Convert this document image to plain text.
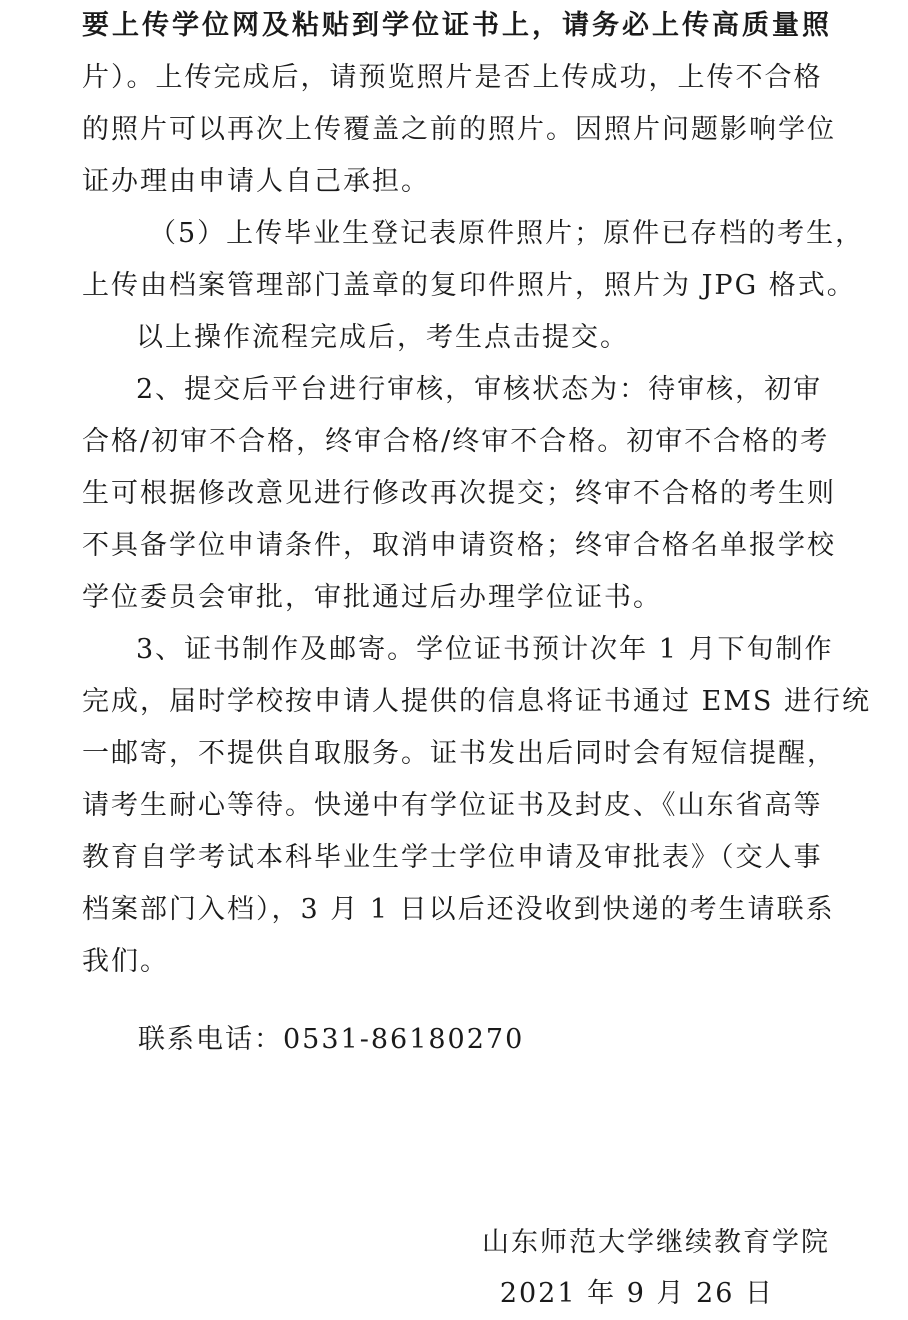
要上传学位网及粘贴到学位证书上，请务必上传高质量照
片）。上传完成后，请预览照片是否上传成功，上传不合格
的照片可以再次上传覆盖之前的照片。因照片问题影响学位
证办理由申请人自己承担。
（5）上传毕业生登记表原件照片；原件已存档的考生，
上传由档案管理部门盖章的复印件照片，照片为 JPG 格式。
以上操作流程完成后，考生点击提交。
2、提交后平台进行审核，审核状态为：待审核，初审
合格/初审不合格，终审合格/终审不合格。初审不合格的考
生可根据修改意见进行修改再次提交；终审不合格的考生则
不具备学位申请条件，取消申请资格；终审合格名单报学校
学位委员会审批，审批通过后办理学位证书。
3、证书制作及邮寄。学位证书预计次年 1 月下旬制作
完成，届时学校按申请人提供的信息将证书通过 EMS 进行统
一邮寄，不提供自取服务。证书发出后同时会有短信提醒，
请考生耐心等待。快递中有学位证书及封皮、《山东省高等
教育自学考试本科毕业生学士学位申请及审批表》（交人事
档案部门入档），3 月 1 日以后还没收到快递的考生请联系
我们。
联系电话：0531-86180270
山东师范大学继续教育学院
2021 年 9 月 26 日
